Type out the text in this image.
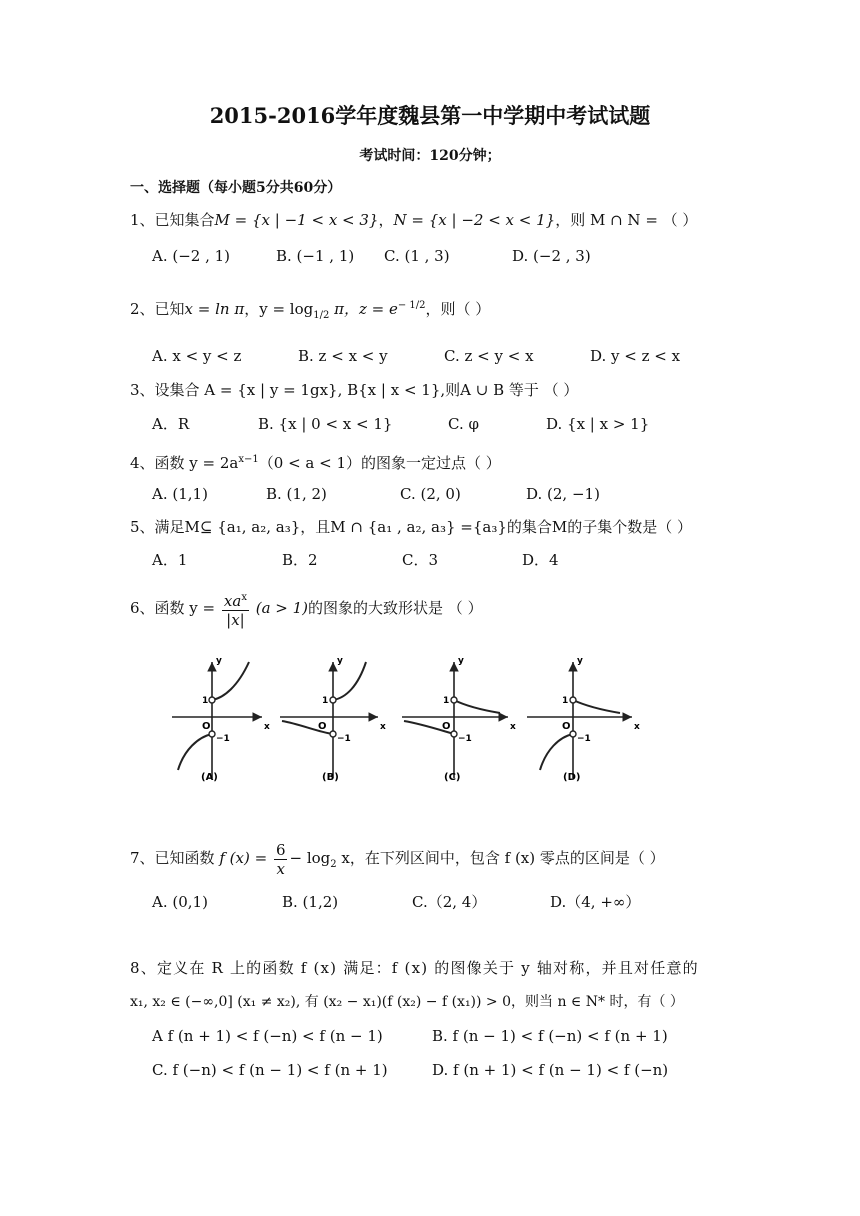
2015-2016学年度魏县第一中学期中考试试题
考试时间：120分钟；
一、选择题（每小题5分共60分）
1、已知集合M = {x | −1 < x < 3}，N = {x | −2 < x < 1}，则 M ∩ N = （ ）
A. (−2 , 1)	B. (−1 , 1) C. (1 , 3)	D. (−2 , 3)
2、已知x = ln π，$y = \log_{1/2} \pi$，$z = e^{- 1/2}$，则（ ）
A. x < y < z	B. z < x < y	C. z < y < x	D. y < z < x
3、设集合 A = {x | y = 1gx}, B{x | x < 1},则A ∪ B 等于 （ ）
A．R	B. {x | 0 < x < 1}	C. φ	D. {x | x > 1}
4、函数 $y = 2a^{x-1}(0 < a < 1)$的图象一定过点（ ）
A. (1,1)	B. (1, 2)	C. (2, 0)	D. (2, −1)
5、满足M⊆ {a₁, a₂, a₃}，且M ∩ {a₁ , a₂, a₃} ={a₃}的集合M的子集个数是（ ）
A．1	B．2	C．3	D．4
6、函数 $y = \frac{xa^x}{|x|} (a > 1)$的图象的大致形状是 （ ）
y
x
O
1
−1
(A)
y
x
O
1
−1
(B)
y
x
O
1
−1
(C)
y
x
O
1
−1
(D)
7、已知函数 f $(x) = \frac{6}{x} - \log_2 x$，在下列区间中，包含 f (x) 零点的区间是（ ）
A. (0,1)	B. (1,2)	C.（2, 4）	D.（4, +∞）
8、定义在 R 上的函数 f (x) 满足：f (x) 的图像关于 y 轴对称，并且对任意的
x₁, x₂ ∈ (−∞,0] (x₁ ≠ x₂), 有 (x₂ − x₁)(f (x₂) − f (x₁)) > 0，则当 n ∈ N* 时，有（ ）
A f (n + 1) < f (−n) < f (n − 1)	B. f (n − 1) < f (−n) < f (n + 1)
C. f (−n) < f (n − 1) < f (n + 1)	D. f (n + 1) < f (n − 1) < f (−n)
